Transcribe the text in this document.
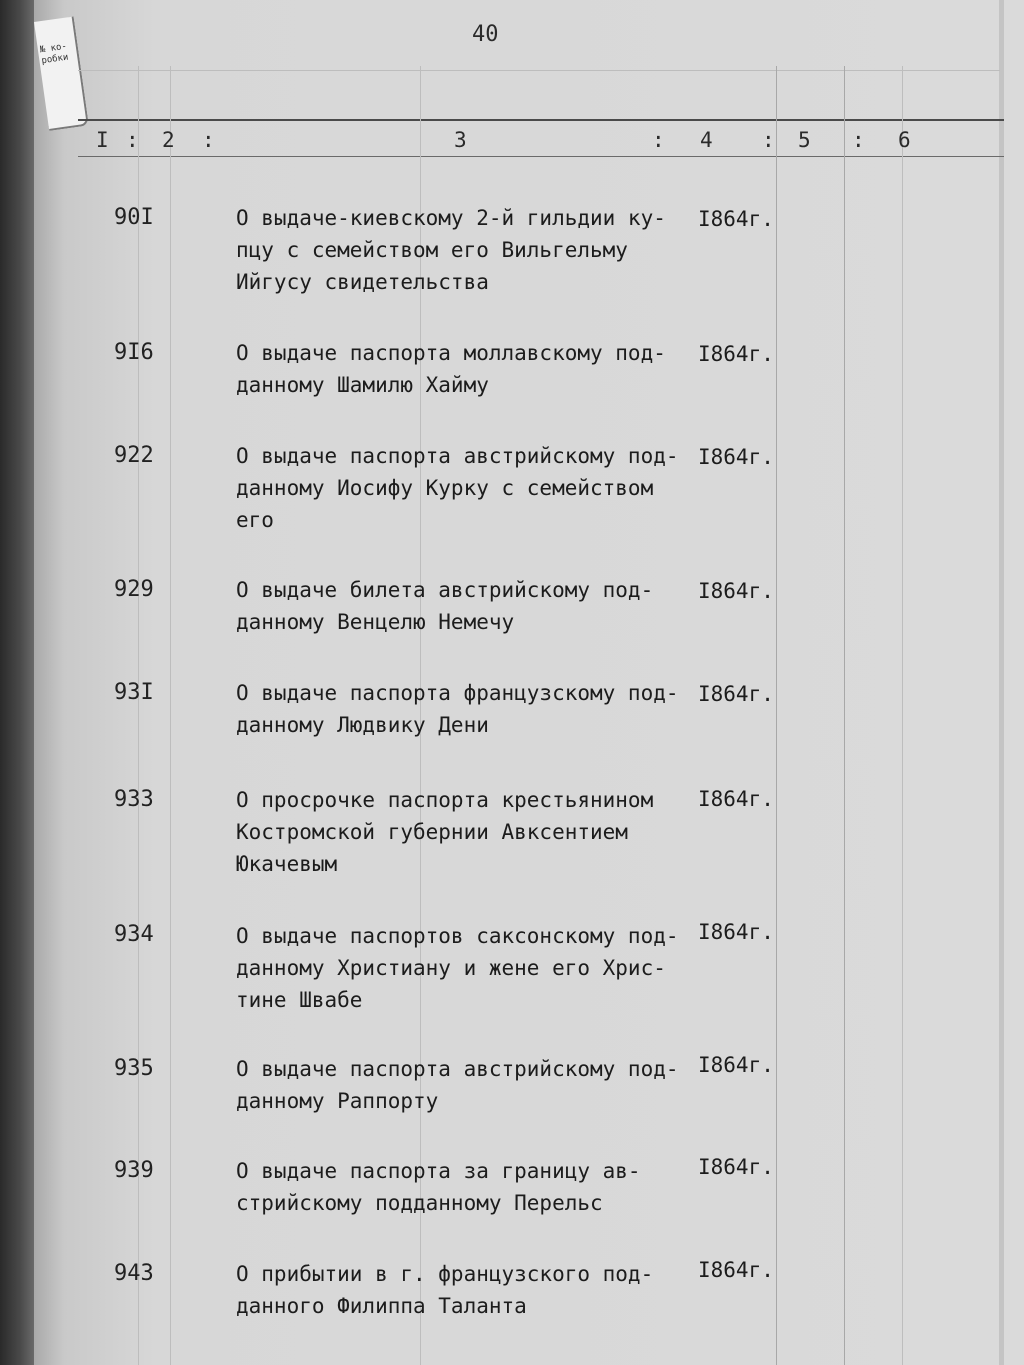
№ ко-
робки
40
I : 2 :	3	: 4 : 5 : 6
90I	О выдаче-киевскому 2-й гильдии ку-
пцу с семейством его Вильгельму
Ийгусу свидетельства
I864г.
9I6	О выдаче паспорта моллавскому под-
данному Шамилю Хайму
I864г.
922	О выдаче паспорта австрийскому под-
данному Иосифу Курку с семейством
его
I864г.
929	О выдаче билета австрийскому под-
данному Венцелю Немечу
I864г.
93I	О выдаче паспорта французскому под-
данному Людвику Дени
I864г.
933	О просрочке паспорта крестьянином
Костромской губернии Авксентием
Юкачевым
I864г.
934	О выдаче паспортов саксонскому под-
данному Христиану и жене его Хрис-
тине Швабе
I864г.
935	О выдаче паспорта австрийскому под-
данному Раппорту
I864г.
939	О выдаче паспорта за границу ав-
стрийскому подданному Перельс
I864г.
943	О прибытии в г. французского под-
данного Филиппа Таланта
I864г.
